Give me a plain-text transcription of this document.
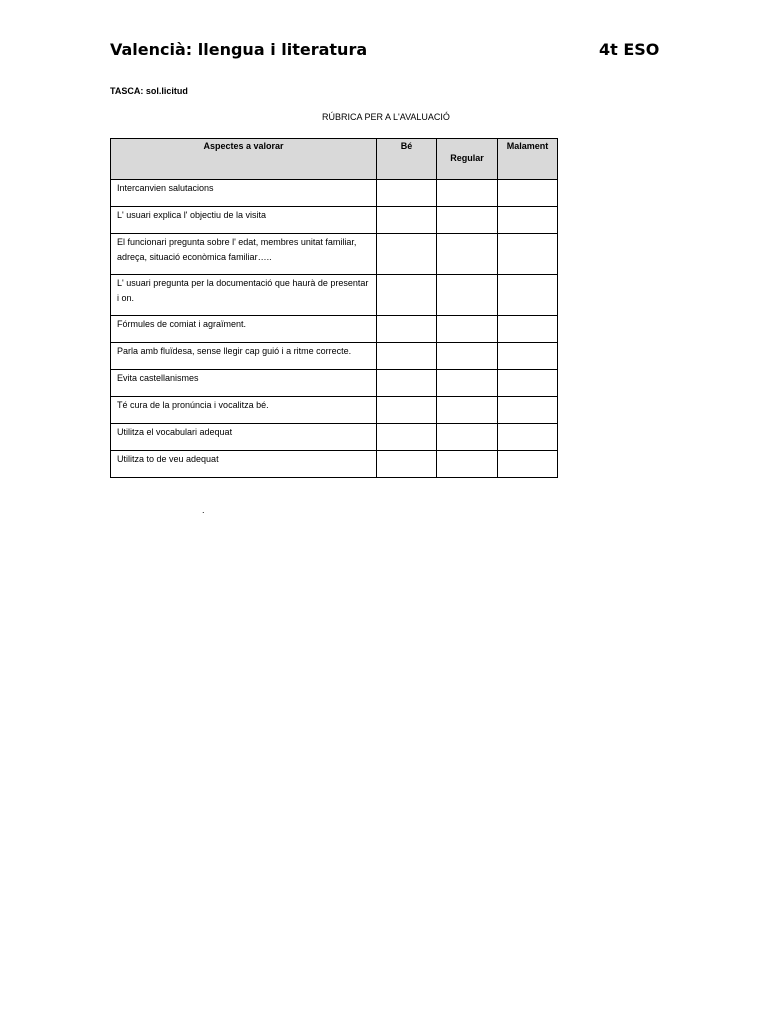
Valencià: llengua i literatura	4t ESO
TASCA: sol.licitud
RÚBRICA PER A L'AVALUACIÓ
Aspectes a valorar	Bé	Regular	Malament

Intercanvien salutacions			
L' usuari explica l' objectiu de la visita			
El funcionari pregunta sobre l' edat, membres unitat familiar, adreça, situació econòmica familiar…..			
L' usuari pregunta per la documentació que haurà de presentar i on.			
Fórmules de comiat i agraïment.			
Parla amb fluïdesa, sense llegir cap guió i a ritme correcte.			
Evita castellanismes			
Té cura de la pronúncia i vocalitza bé.			
Utilitza el vocabulari adequat			
Utilitza to de veu adequat			
.
